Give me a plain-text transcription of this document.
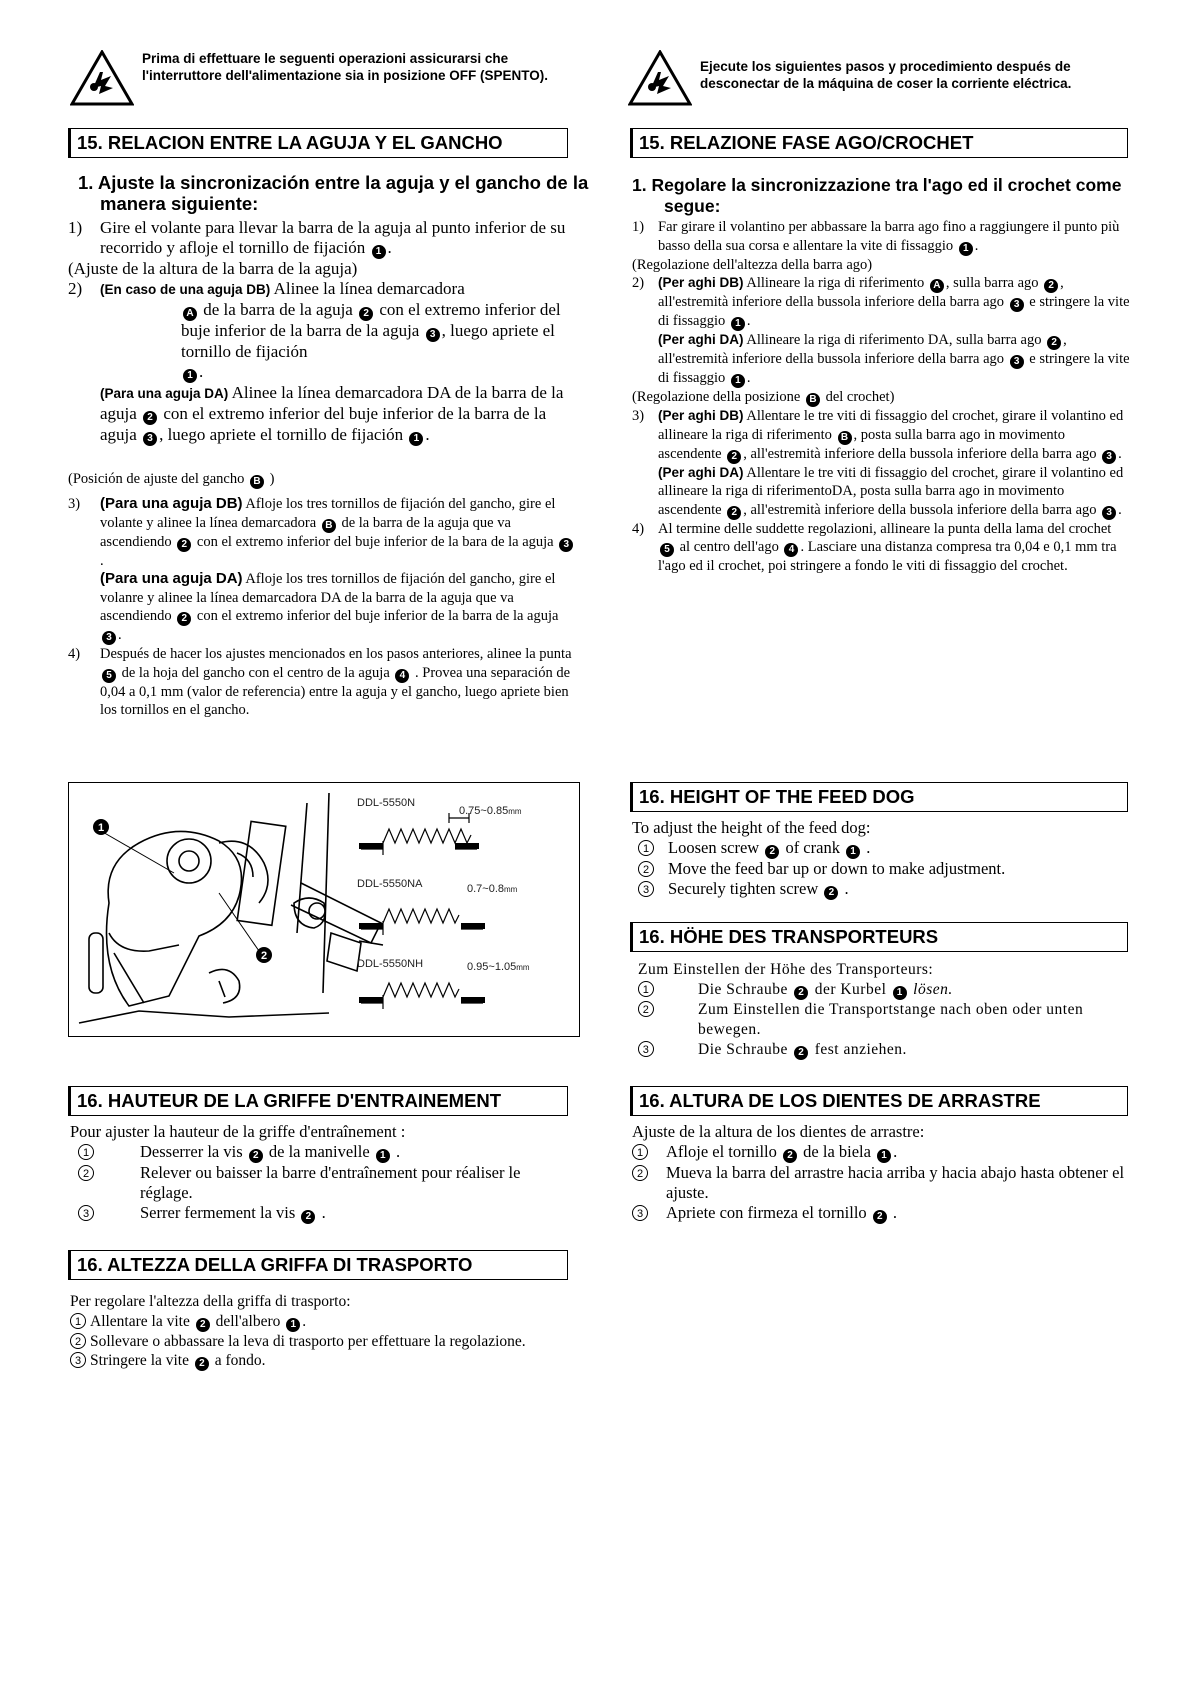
Prima di effettuare le seguenti operazioni assicurarsi che l'interruttore dell'alimentazione sia in posizione OFF (SPENTO).
Ejecute los siguientes pasos y procedimiento después de desconectar de la máquina de coser la corriente eléctrica.
15. RELACION ENTRE LA AGUJA Y EL GANCHO
1. Ajuste la sincronización entre la aguja y el gancho de la manera siguiente:
1)	Gire el volante para llevar la barra de la aguja al punto inferior de su recorrido y afloje el tornillo de fijación 1 .
(Ajuste de la altura de la barra de la aguja)
2)	(En caso de una aguja DB) Alinee la línea demarcadora
A de la barra de la aguja 2 con el extremo inferior del buje inferior de la barra de la aguja 3 , luego apriete el tornillo de fijación
1 .
(Para una aguja DA) Alinee la línea demarcadora DA de la barra de la aguja 2 con el extremo inferior del buje inferior de la barra de la aguja 3 , luego apriete el tornillo de fijación 1 .
(Posición de ajuste del gancho B )
3)	(Para una aguja DB) Afloje los tres tornillos de fijación del gancho, gire el volante y alinee la línea demarcadora B de la barra de la aguja que va ascendiendo 2 con el extremo inferior del buje inferior de la bara de la aguja 3.
(Para una aguja DA) Afloje los tres tornillos de fijación del gancho, gire el volanre y alinee la línea demarcadora DA de la barra de la aguja que va ascendiendo 2 con el extremo inferior del buje inferior de la barra de la aguja 3 .
4)	Después de hacer los ajustes mencionados en los pasos anteriores, alinee la punta 5 de la hoja del gancho con el centro de la aguja 4 . Provea una separación de 0,04 a 0,1 mm (valor de referencia) entre la aguja y el gancho, luego apriete bien los tornillos en el gancho.
15. RELAZIONE FASE AGO/CROCHET
1. Regolare la sincronizzazione tra l'ago ed il crochet come segue:
1) Far girare il volantino per abbassare la barra ago fino a raggiungere il punto più basso della sua corsa e allentare la vite di fissaggio 1 .
(Regolazione dell'altezza della barra ago)
2)	(Per aghi DB) Allineare la riga di riferimento A , sulla barra ago 2 , all'estremità inferiore della bussola inferiore della barra ago 3 e stringere la vite di fissaggio 1 .
(Per aghi DA) Allineare la riga di riferimento DA, sulla barra ago 2 , all'estremità inferiore della bussola inferiore della barra ago 3 e stringere la vite di fissaggio 1 .
(Regolazione della posizione B del crochet)
3)	(Per aghi DB) Allentare le tre viti di fissaggio del crochet, girare il volantino ed allineare la riga di riferimento B , posta sulla barra ago in movimento ascendente 2 , all'estremità inferiore della bussola inferiore della barra ago 3 .
(Per aghi DA) Allentare le tre viti di fissaggio del crochet, girare il volantino ed allineare la riga di riferimentoDA, posta sulla barra ago in movimento ascendente 2 , all'estremità inferiore della bussola inferiore della barra ago 3 .
4) Al termine delle suddette regolazioni, allineare la punta della lama del crochet 5 al centro dell'ago 4 . Lasciare una distanza compresa tra 0,04 e 0,1 mm tra l'ago ed il crochet, poi stringere a fondo le viti di fissaggio del crochet.
1
2
DDL-5550N
0.75~0.85mm
DDL-5550NA	0.7~0.8mm
DDL-5550NH	0.95~1.05mm
16. HEIGHT OF THE FEED DOG
To adjust the height of the feed dog:
1 Loosen screw 2 of crank 1 .
2 Move the feed bar up or down to make adjustment.
3 Securely tighten screw 2 .
16. HÖHE DES TRANSPORTEURS
Zum Einstellen der Höhe des Transporteurs:
1	Die Schraube 2 der Kurbel 1 lösen.
2	Zum Einstellen die Transportstange nach oben oder unten bewegen.
3	Die Schraube 2 fest anziehen.
16. HAUTEUR DE LA GRIFFE D'ENTRAINEMENT
Pour ajuster la hauteur de la griffe d'entraînement :
1	Desserrer la vis 2 de la manivelle 1 .
2	Relever ou baisser la barre d'entraînement pour réaliser le réglage.
3	Serrer fermement la vis 2 .
16. ALTURA DE LOS DIENTES DE ARRASTRE
Ajuste de la altura de los dientes de arrastre:
1	Afloje el tornillo 2 de la biela 1 .
2	Mueva la barra del arrastre hacia arriba y hacia abajo hasta obtener el ajuste.
3	Apriete con firmeza el tornillo 2 .
16. ALTEZZA DELLA GRIFFA DI TRASPORTO
Per regolare l'altezza della griffa di trasporto:
1 Allentare la vite 2 dell'albero 1 .
2 Sollevare o abbassare la leva di trasporto per effettuare la regolazione.
3 Stringere la vite 2 a fondo.
